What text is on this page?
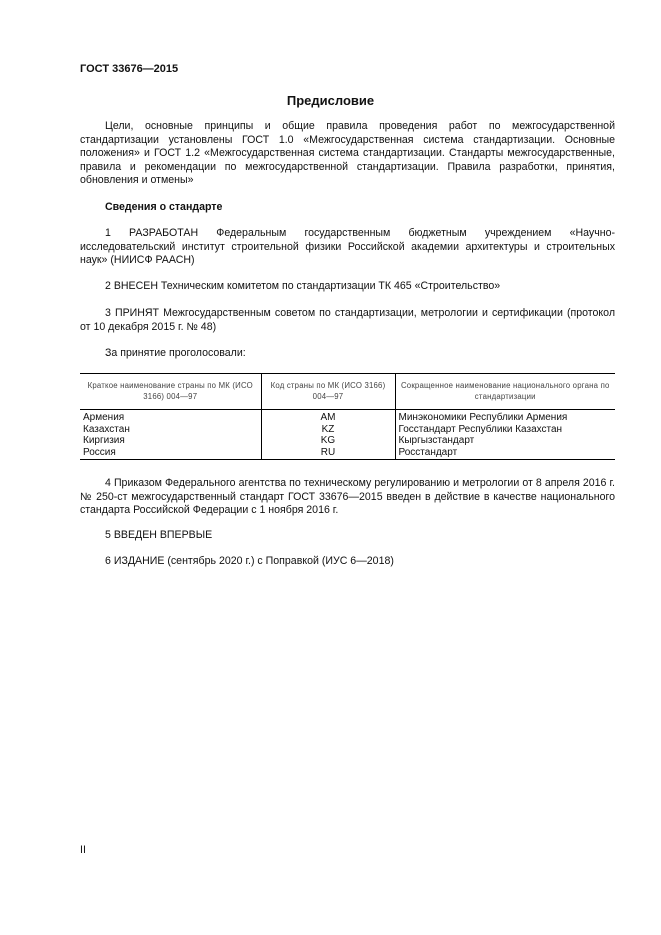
ГОСТ 33676—2015
Предисловие
Цели, основные принципы и общие правила проведения работ по межгосударственной стандартизации установлены ГОСТ 1.0 «Межгосударственная система стандартизации. Основные положения» и ГОСТ 1.2 «Межгосударственная система стандартизации. Стандарты межгосударственные, правила и рекомендации по межгосударственной стандартизации. Правила разработки, принятия, обновления и отмены»
Сведения о стандарте
1 РАЗРАБОТАН Федеральным государственным бюджетным учреждением «Научно-исследовательский институт строительной физики Российской академии архитектуры и строительных наук» (НИИСФ РААСН)
2 ВНЕСЕН Техническим комитетом по стандартизации ТК 465 «Строительство»
3 ПРИНЯТ Межгосударственным советом по стандартизации, метрологии и сертификации (протокол от 10 декабря 2015 г. № 48)
За принятие проголосовали:
Краткое наименование страны по МК (ИСО 3166) 004—97	Код страны по МК (ИСО 3166) 004—97	Сокращенное наименование национального органа по стандартизации
Армения	AM	Минэкономики Республики Армения
Казахстан	KZ	Госстандарт Республики Казахстан
Киргизия	KG	Кыргызстандарт
Россия	RU	Росстандарт
4 Приказом Федерального агентства по техническому регулированию и метрологии от 8 апреля 2016 г. № 250-ст межгосударственный стандарт ГОСТ 33676—2015 введен в действие в качестве национального стандарта Российской Федерации с 1 ноября 2016 г.
5 ВВЕДЕН ВПЕРВЫЕ
6 ИЗДАНИЕ (сентябрь 2020 г.) с Поправкой (ИУС 6—2018)
II
